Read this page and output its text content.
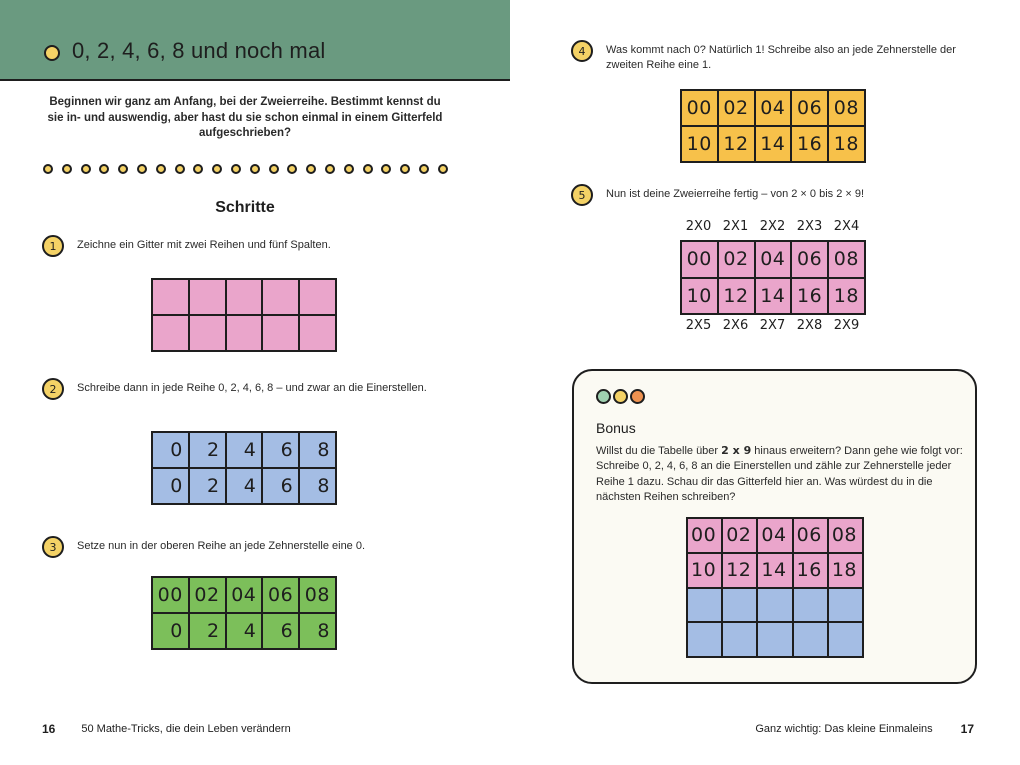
0, 2, 4, 6, 8 und noch mal

Beginnen wir ganz am Anfang, bei der Zweierreihe. Bestimmt kennst du sie in- und auswendig, aber hast du sie schon einmal in einem Gitterfeld aufgeschrieben?

Schritte
1	Zeichne ein Gitter mit zwei Reihen und fünf Spalten.
2	Schreibe dann in jede Reihe 0, 2, 4, 6, 8 – und zwar an die Einerstellen.
0	2	4	6	8
0	2	4	6	8
3	Setze nun in der oberen Reihe an jede Zehnerstelle eine 0.
00 02 04 06 08
0	2	4	6	8
16 50 Mathe-Tricks, die dein Leben verändern
4	Was kommt nach 0? Natürlich 1! Schreibe also an jede Zehnerstelle der zweiten Reihe eine 1.
00 02 04 06 08
10 12 14 16 18
5	Nun ist deine Zweierreihe fertig – von 2 × 0 bis 2 × 9!
2X0 2X1 2X2 2X3 2X4
00 02 04 06 08
10 12 14 16 18
2X5 2X6 2X7 2X8 2X9
Bonus

Willst du die Tabelle über 2 x 9 hinaus erweitern? Dann gehe wie folgt vor: Schreibe 0, 2, 4, 6, 8 an die Einerstellen und zähle zur Zehnerstelle jeder Reihe 1 dazu. Schau dir das Gitterfeld hier an. Was würdest du in die nächsten Reihen schreiben?

00 02 04 06 08
10 12 14 16 18
Ganz wichtig: Das kleine Einmaleins 17
